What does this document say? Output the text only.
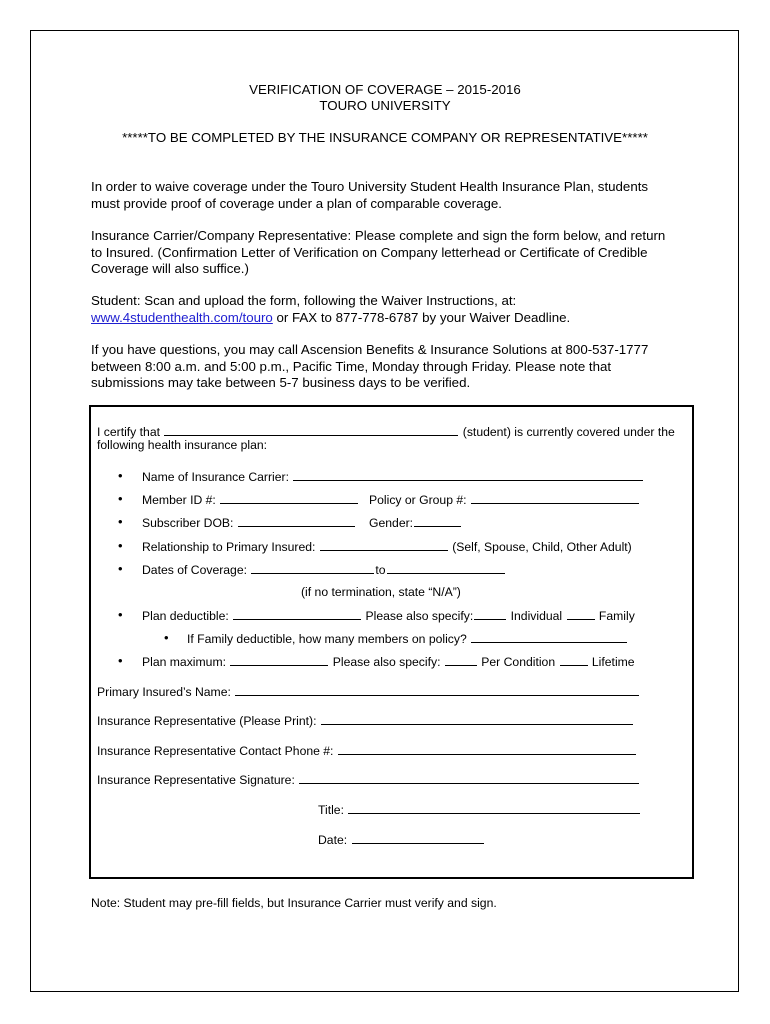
VERIFICATION OF COVERAGE – 2015-2016
TOURO UNIVERSITY
*****TO BE COMPLETED BY THE INSURANCE COMPANY OR REPRESENTATIVE*****
In order to waive coverage under the Touro University Student Health Insurance Plan, students
must provide proof of coverage under a plan of comparable coverage.
Insurance Carrier/Company Representative: Please complete and sign the form below, and return
to Insured. (Confirmation Letter of Verification on Company letterhead or Certificate of Credible
Coverage will also suffice.)
Student: Scan and upload the form, following the Waiver Instructions, at:
www.4studenthealth.com/touro or FAX to 877-778-6787 by your Waiver Deadline.
If you have questions, you may call Ascension Benefits & Insurance Solutions at 800-537-1777
between 8:00 a.m. and 5:00 p.m., Pacific Time, Monday through Friday. Please note that
submissions may take between 5-7 business days to be verified.
I certify that	(student) is currently covered under the
following health insurance plan:
• Name of Insurance Carrier:
• Member ID #:	Policy or Group #:
• Subscriber DOB:	Gender:
• Relationship to Primary Insured:	(Self, Spouse, Child, Other Adult)
• Dates of Coverage:	to
(if no termination, state “N/A”)
• Plan deductible:	Please also specify:	Individual	Family
• If Family deductible, how many members on policy?
• Plan maximum:	Please also specify:	Per Condition	Lifetime
Primary Insured’s Name:
Insurance Representative (Please Print):
Insurance Representative Contact Phone #:
Insurance Representative Signature:
Title:
Date:
Note: Student may pre-fill fields, but Insurance Carrier must verify and sign.
